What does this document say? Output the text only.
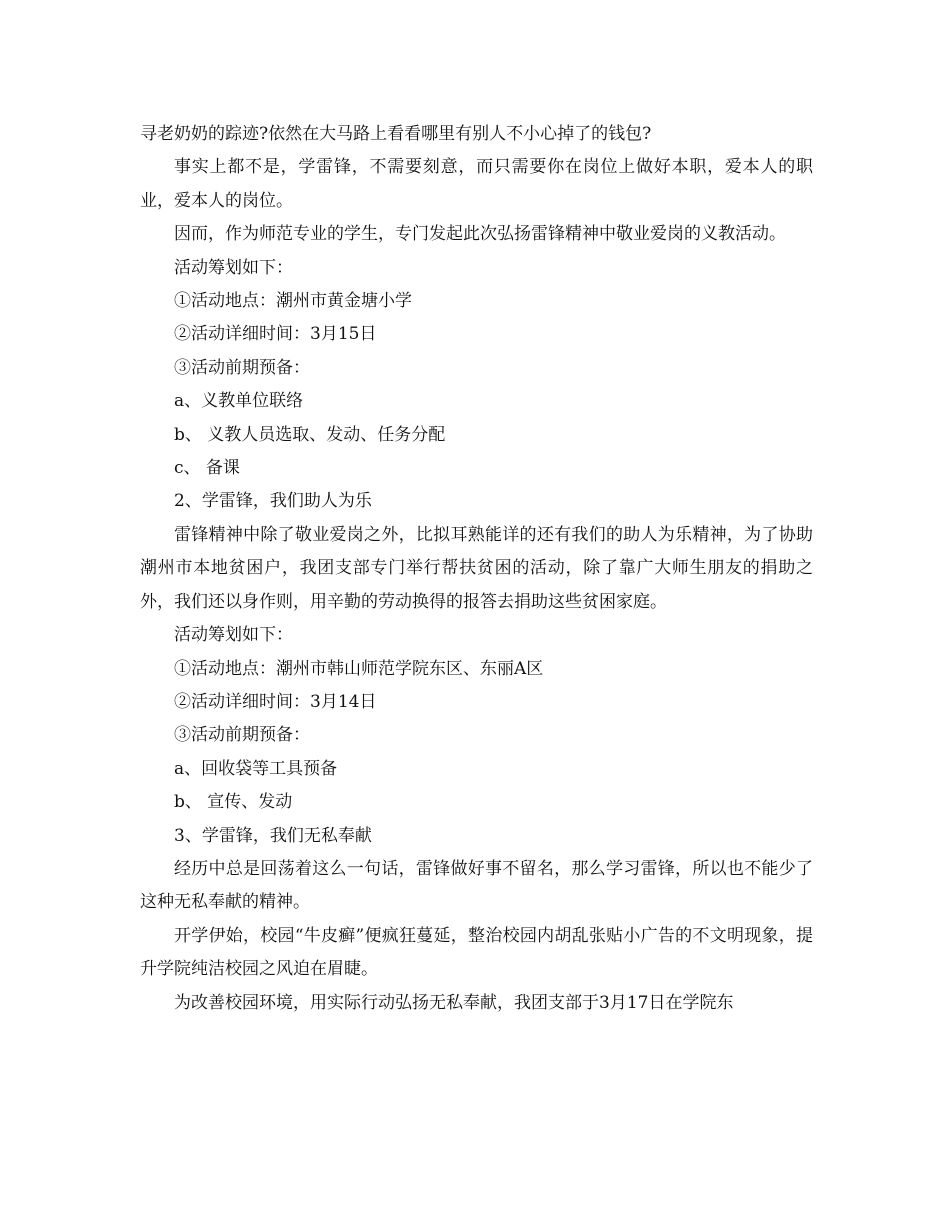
寻老奶奶的踪迹?依然在大马路上看看哪里有别人不小心掉了的钱包?

事实上都不是，学雷锋，不需要刻意，而只需要你在岗位上做好本职，爱本人的职业，爱本人的岗位。

因而，作为师范专业的学生，专门发起此次弘扬雷锋精神中敬业爱岗的义教活动。

活动筹划如下：

①活动地点：潮州市黄金塘小学

②活动详细时间：3月15日

③活动前期预备：

a、义教单位联络

b、 义教人员选取、发动、任务分配

c、 备课

2、学雷锋，我们助人为乐

雷锋精神中除了敬业爱岗之外，比拟耳熟能详的还有我们的助人为乐精神，为了协助潮州市本地贫困户，我团支部专门举行帮扶贫困的活动，除了靠广大师生朋友的捐助之外，我们还以身作则，用辛勤的劳动换得的报答去捐助这些贫困家庭。

活动筹划如下：

①活动地点：潮州市韩山师范学院东区、东丽A区

②活动详细时间：3月14日

③活动前期预备：

a、回收袋等工具预备

b、 宣传、发动

3、学雷锋，我们无私奉献

经历中总是回荡着这么一句话，雷锋做好事不留名，那么学习雷锋，所以也不能少了这种无私奉献的精神。

开学伊始，校园“牛皮癣”便疯狂蔓延，整治校园内胡乱张贴小广告的不文明现象，提升学院纯洁校园之风迫在眉睫。

为改善校园环境，用实际行动弘扬无私奉献，我团支部于3月17日在学院东
